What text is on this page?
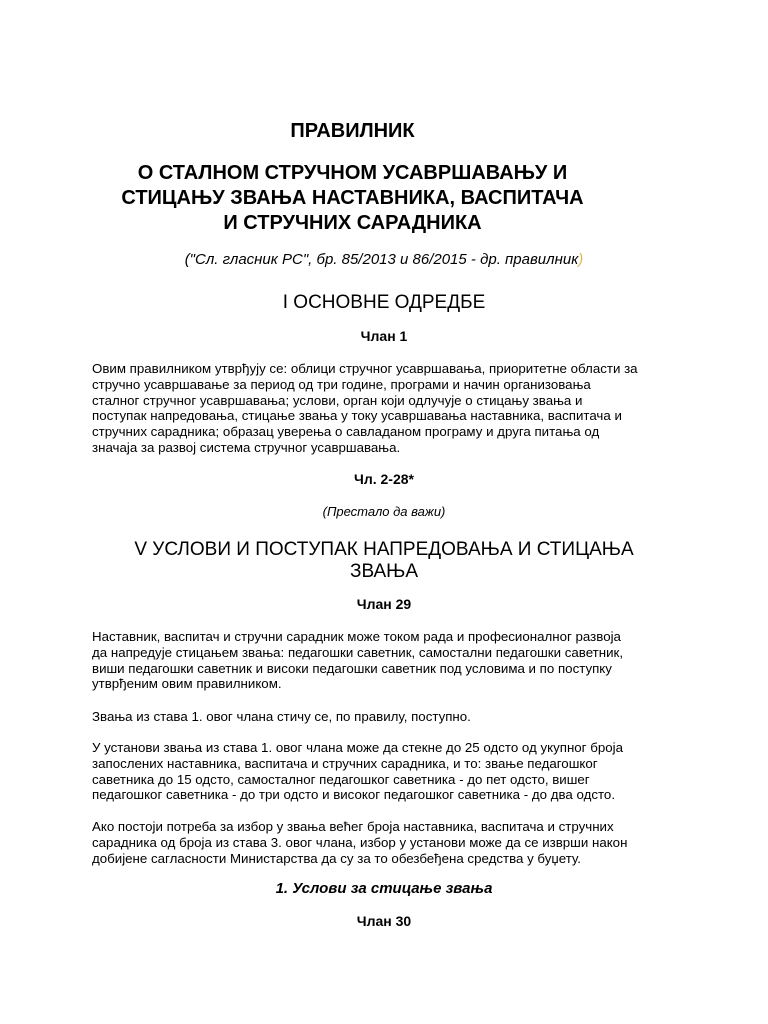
ПРАВИЛНИК
О СТАЛНОМ СТРУЧНОМ УСАВРШАВАЊУ И
СТИЦАЊУ ЗВАЊА НАСТАВНИКА, ВАСПИТАЧА
И СТРУЧНИХ САРАДНИКА
("Сл. гласник РС", бр. 85/2013 и 86/2015 - др. правилник)
I ОСНОВНЕ ОДРЕДБЕ
Члан 1
Овим правилником утврђују се: облици стручног усавршавања, приоритетне области за
стручно усавршавање за период од три године, програми и начин организовања
сталног стручног усавршавања; услови, орган који одлучује о стицању звања и
поступак напредовања, стицање звања у току усавршавања наставника, васпитача и
стручних сарадника; образац уверења о савладаном програму и друга питања од
значаја за развој система стручног усавршавања.
Чл. 2-28*
(Престало да важи)
V УСЛОВИ И ПОСТУПАК НАПРЕДОВАЊА И СТИЦАЊА
ЗВАЊА
Члан 29
Наставник, васпитач и стручни сарадник може током рада и професионалног развоја
да напредује стицањем звања: педагошки саветник, самостални педагошки саветник,
виши педагошки саветник и високи педагошки саветник под условима и по поступку
утврђеним овим правилником.
Звања из става 1. овог члана стичу се, по правилу, поступно.
У установи звања из става 1. овог члана може да стекне до 25 одсто од укупног броја
запослених наставника, васпитача и стручних сарадника, и то: звање педагошког
саветника до 15 одсто, самосталног педагошког саветника - до пет одсто, вишег
педагошког саветника - до три одсто и високог педагошког саветника - до два одсто.
Ако постоји потреба за избор у звања већег броја наставника, васпитача и стручних
сарадника од броја из става 3. овог члана, избор у установи може да се изврши након
добијене сагласности Министарства да су за то обезбеђена средства у буџету.
1. Услови за стицање звања
Члан 30
